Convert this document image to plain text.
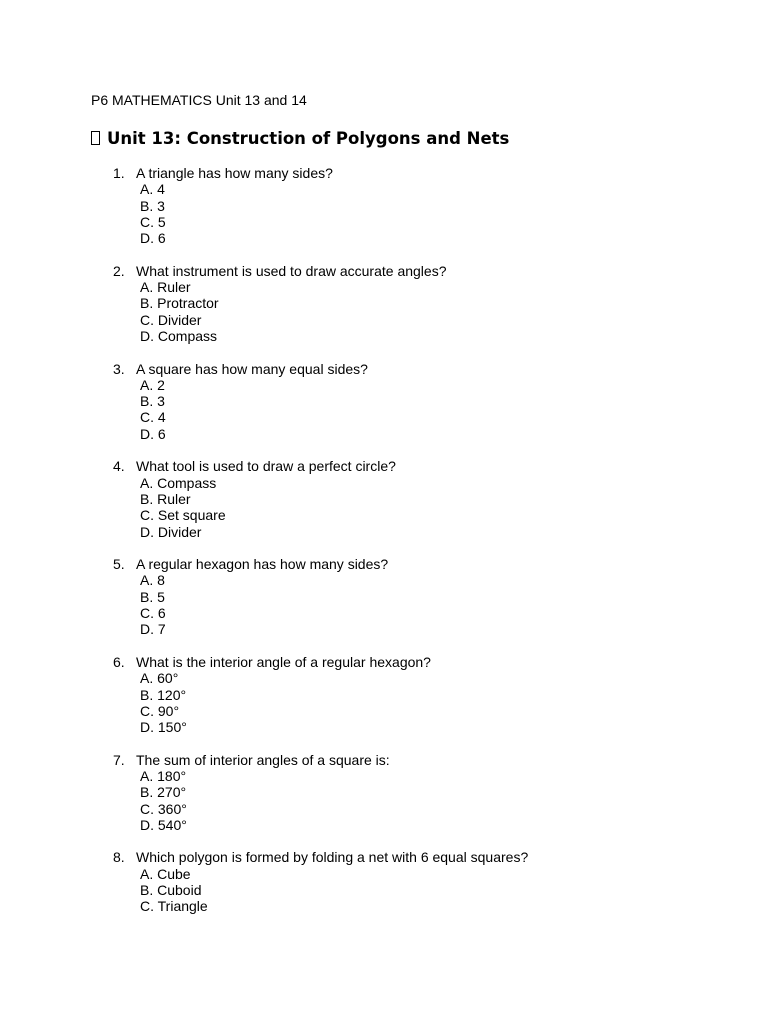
P6 MATHEMATICS Unit 13 and 14
Unit 13: Construction of Polygons and Nets
1. A triangle has how many sides?
A. 4
B. 3
C. 5
D. 6
2. What instrument is used to draw accurate angles?
A. Ruler
B. Protractor
C. Divider
D. Compass
3. A square has how many equal sides?
A. 2
B. 3
C. 4
D. 6
4. What tool is used to draw a perfect circle?
A. Compass
B. Ruler
C. Set square
D. Divider
5. A regular hexagon has how many sides?
A. 8
B. 5
C. 6
D. 7
6. What is the interior angle of a regular hexagon?
A. 60°
B. 120°
C. 90°
D. 150°
7. The sum of interior angles of a square is:
A. 180°
B. 270°
C. 360°
D. 540°
8. Which polygon is formed by folding a net with 6 equal squares?
A. Cube
B. Cuboid
C. Triangle
